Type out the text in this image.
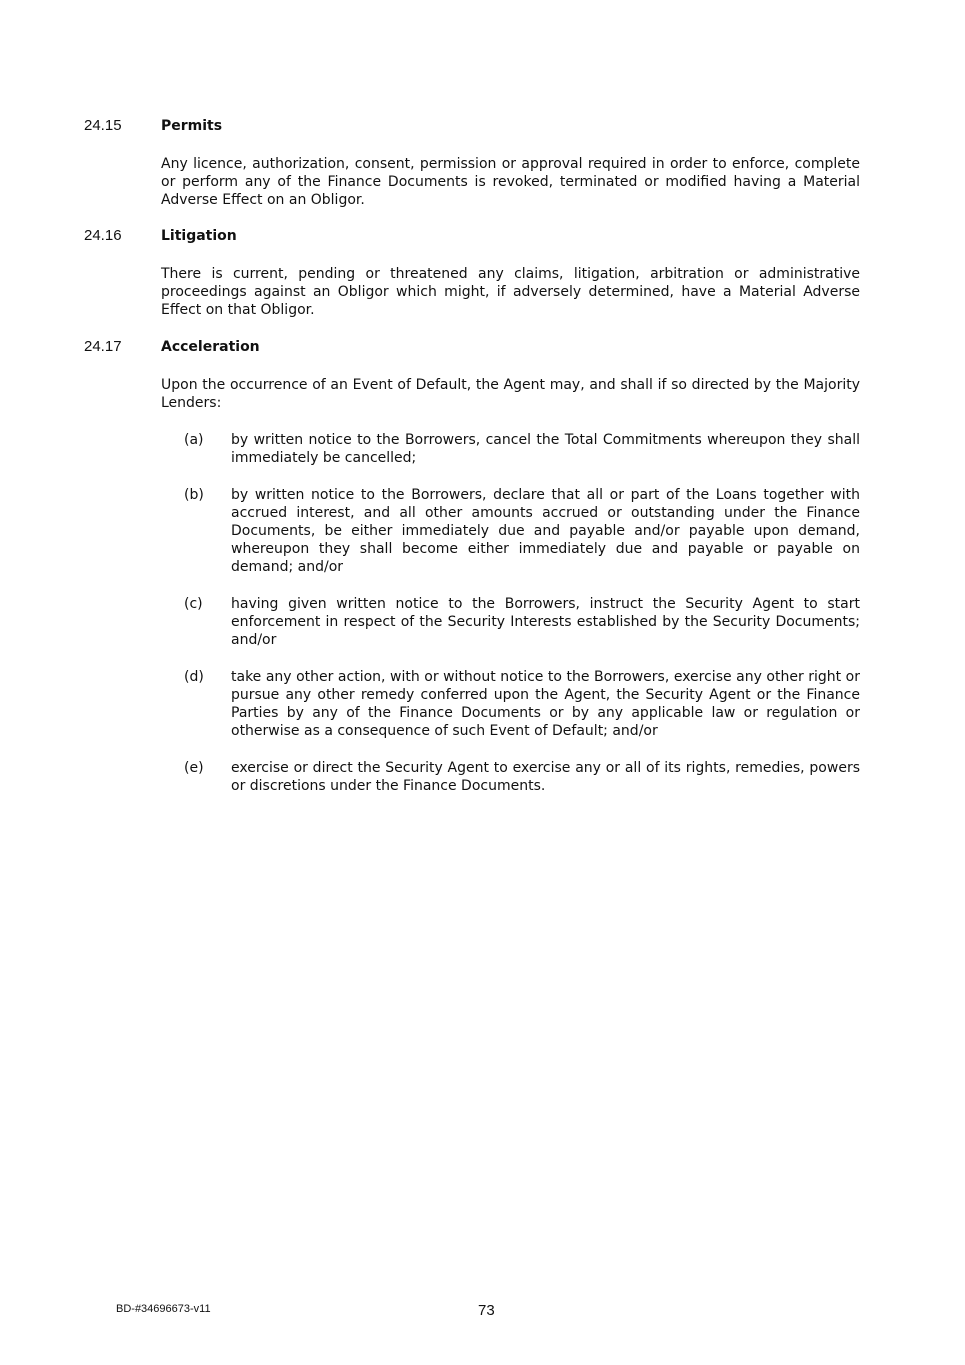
24.15	Permits

Any licence, authorization, consent, permission or approval required in order to enforce, complete or perform any of the Finance Documents is revoked, terminated or modified having a Material Adverse Effect on an Obligor.

24.16	Litigation

There is current, pending or threatened any claims, litigation, arbitration or administrative proceedings against an Obligor which might, if adversely determined, have a Material Adverse Effect on that Obligor.

24.17	Acceleration

Upon the occurrence of an Event of Default, the Agent may, and shall if so directed by the Majority Lenders:

(a) by written notice to the Borrowers, cancel the Total Commitments whereupon they shall immediately be cancelled;

(b) by written notice to the Borrowers, declare that all or part of the Loans together with accrued interest, and all other amounts accrued or outstanding under the Finance Documents, be either immediately due and payable and/or payable upon demand, whereupon they shall become either immediately due and payable or payable on demand; and/or

(c) having given written notice to the Borrowers, instruct the Security Agent to start enforcement in respect of the Security Interests established by the Security Documents; and/or

(d) take any other action, with or without notice to the Borrowers, exercise any other right or pursue any other remedy conferred upon the Agent, the Security Agent or the Finance Parties by any of the Finance Documents or by any applicable law or regulation or otherwise as a consequence of such Event of Default; and/or

(e) exercise or direct the Security Agent to exercise any or all of its rights, remedies, powers or discretions under the Finance Documents.

BD-#34696673-v11	73
